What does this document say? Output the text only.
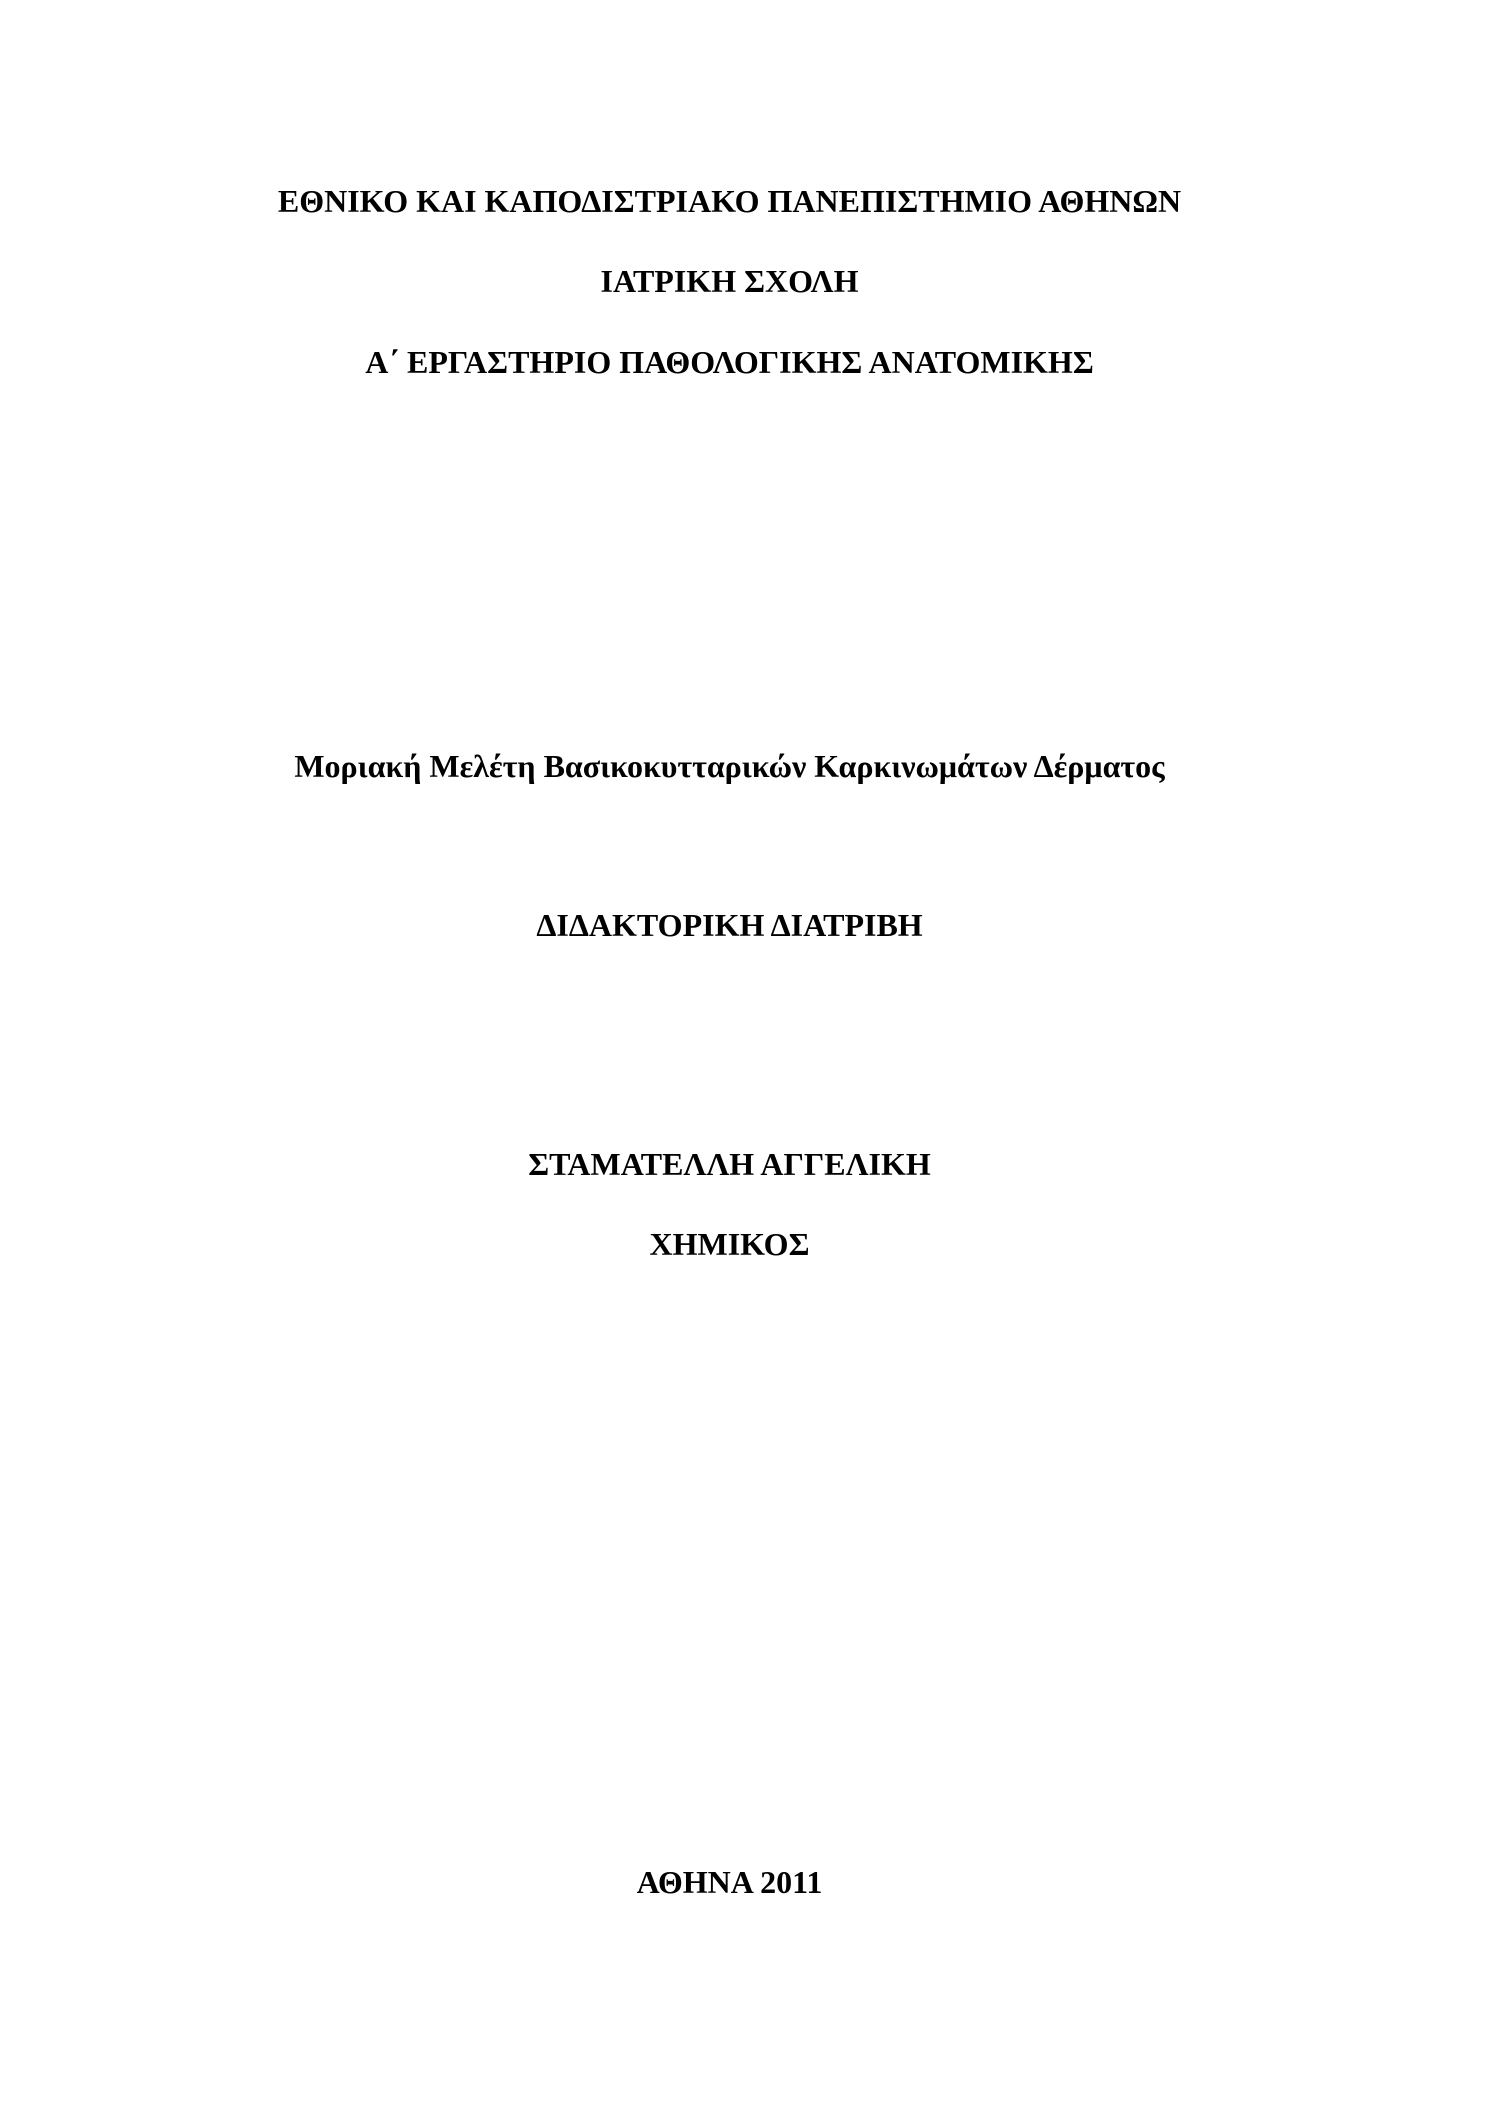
ΕΘΝΙΚΟ ΚΑΙ ΚΑΠΟΔΙΣΤΡΙΑΚΟ ΠΑΝΕΠΙΣΤΗΜΙΟ ΑΘΗΝΩΝ

ΙΑΤΡΙΚΗ ΣΧΟΛΗ

Α΄ ΕΡΓΑΣΤΗΡΙΟ ΠΑΘΟΛΟΓΙΚΗΣ ΑΝΑΤΟΜΙΚΗΣ

Μοριακή Μελέτη Βασικοκυτταρικών Καρκινωμάτων Δέρματος

ΔΙΔΑΚΤΟΡΙΚΗ ΔΙΑΤΡΙΒΗ

ΣΤΑΜΑΤΕΛΛΗ ΑΓΓΕΛΙΚΗ

ΧΗΜΙΚΟΣ

ΑΘΗΝΑ 2011
